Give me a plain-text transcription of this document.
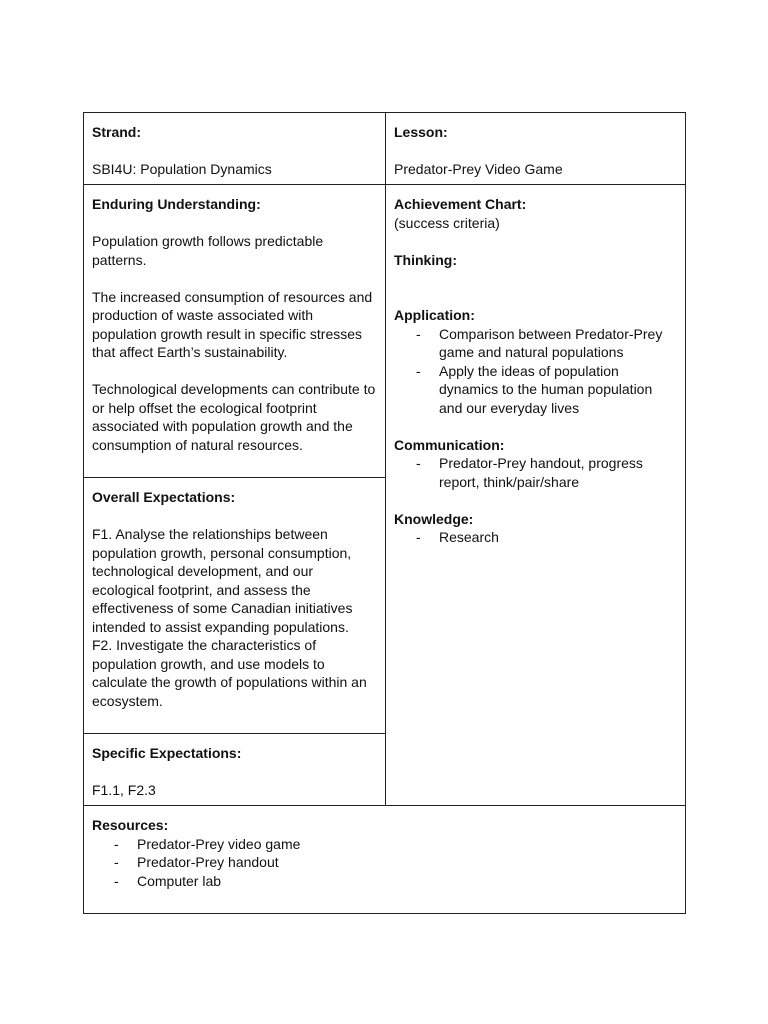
Strand:

SBI4U: Population Dynamics

Lesson:

Predator-Prey Video Game

Enduring Understanding:

Population growth follows predictable patterns.

The increased consumption of resources and production of waste associated with population growth result in specific stresses that affect Earth’s sustainability.

Technological developments can contribute to or help offset the ecological footprint associated with population growth and the consumption of natural resources.

Achievement Chart:

(success criteria)

Thinking:

Application:

- Comparison between Predator-Prey game and natural populations
- Apply the ideas of population dynamics to the human population and our everyday lives

Communication:

- Predator-Prey handout, progress report, think/pair/share

Knowledge:

- Research

Overall Expectations:

F1. Analyse the relationships between population growth, personal consumption, technological development, and our ecological footprint, and assess the effectiveness of some Canadian initiatives intended to assist expanding populations.

F2. Investigate the characteristics of population growth, and use models to calculate the growth of populations within an ecosystem.

Specific Expectations:

F1.1, F2.3

Resources:

- Predator-Prey video game
- Predator-Prey handout
- Computer lab
